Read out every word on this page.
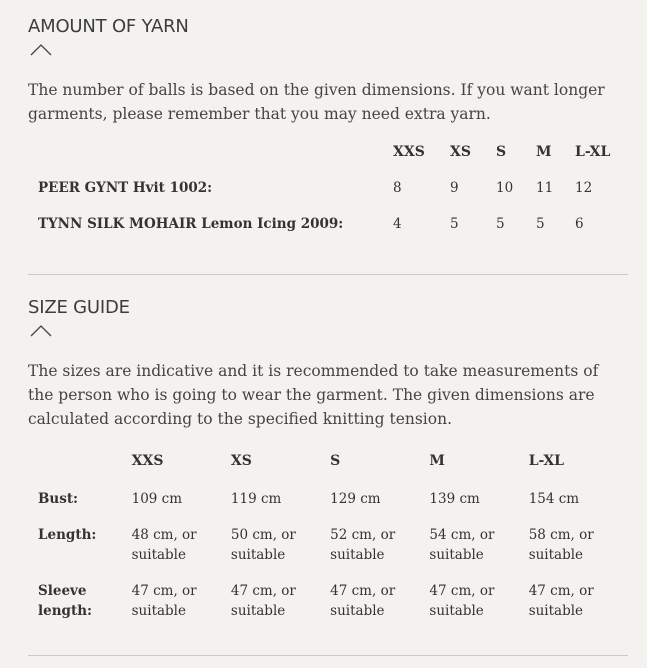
AMOUNT OF YARN

The number of balls is based on the given dimensions. If you want longer garments, please remember that you may need extra yarn.

	XXS	XS	S	M	L-XL
PEER GYNT Hvit 1002:	8	9	10	11	12
TYNN SILK MOHAIR Lemon Icing 2009:	4	5	5	5	6
SIZE GUIDE

The sizes are indicative and it is recommended to take measurements of the person who is going to wear the garment. The given dimensions are calculated according to the specified knitting tension.

	XXS	XS	S	M	L-XL
Bust:	109 cm	119 cm	129 cm	139 cm	154 cm
Length:	48 cm, or suitable	50 cm, or suitable	52 cm, or suitable	54 cm, or suitable	58 cm, or suitable
Sleeve length:	47 cm, or suitable	47 cm, or suitable	47 cm, or suitable	47 cm, or suitable	47 cm, or suitable
